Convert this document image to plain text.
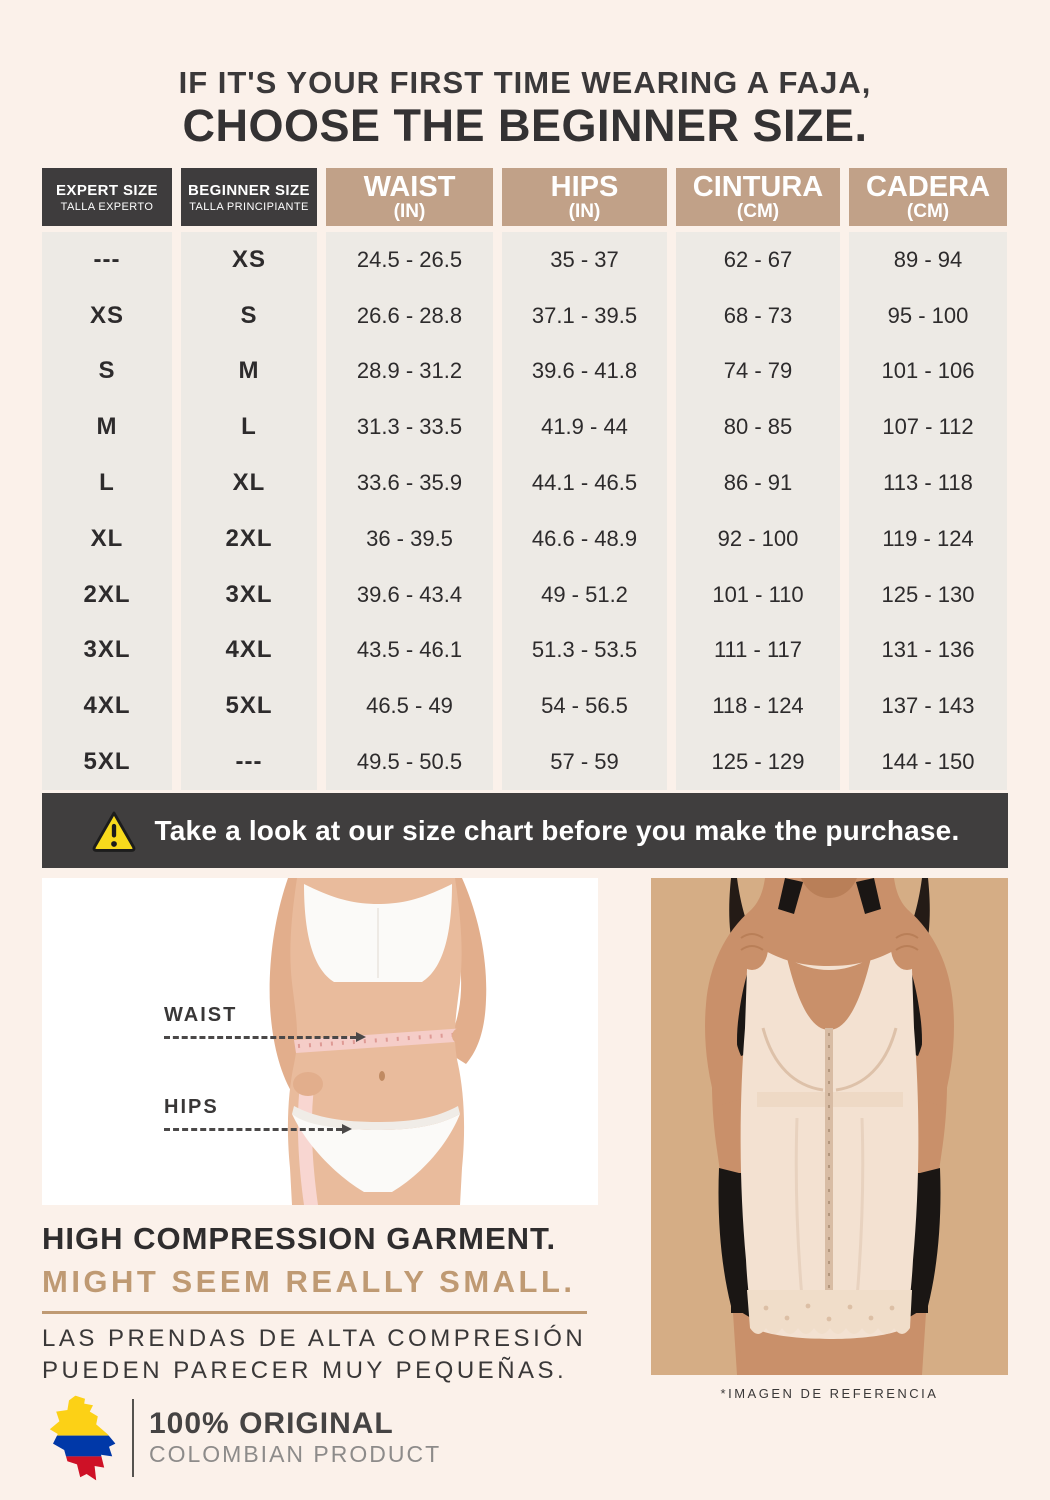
IF IT'S YOUR FIRST TIME WEARING A FAJA,
CHOOSE THE BEGINNER SIZE.
EXPERT SIZE
TALLA EXPERTO
---
XS
S
M
L
XL
2XL
3XL
4XL
5XL
BEGINNER SIZE
TALLA PRINCIPIANTE
XS
S
M
L
XL
2XL
3XL
4XL
5XL
---
WAIST
(IN)
24.5 - 26.5
26.6 - 28.8
28.9 - 31.2
31.3 - 33.5
33.6 - 35.9
36 - 39.5
39.6 - 43.4
43.5 - 46.1
46.5 - 49
49.5 - 50.5
HIPS
(IN)
35 - 37
37.1 - 39.5
39.6 - 41.8
41.9 - 44
44.1 - 46.5
46.6 - 48.9
49 - 51.2
51.3 - 53.5
54 - 56.5
57 - 59
CINTURA
(CM)
62 - 67
68 - 73
74 - 79
80 - 85
86 - 91
92 - 100
101 - 110
111 - 117
118 - 124
125 - 129
CADERA
(CM)
89 - 94
95 - 100
101 - 106
107 - 112
113 - 118
119 - 124
125 - 130
131 - 136
137 - 143
144 - 150
Take a look at our size chart before you make the purchase.
WAIST
HIPS
*IMAGEN DE REFERENCIA
HIGH COMPRESSION GARMENT.
MIGHT SEEM REALLY SMALL.
LAS PRENDAS DE ALTA COMPRESIÓN
PUEDEN PARECER MUY PEQUEÑAS.
100% ORIGINAL
COLOMBIAN PRODUCT
